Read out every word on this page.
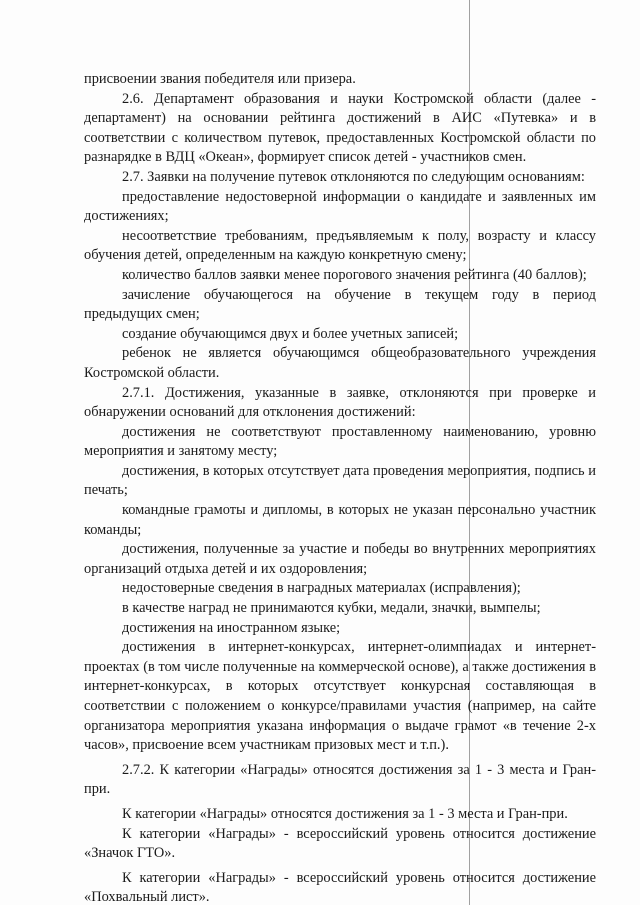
присвоении звания победителя или призера.

2.6. Департамент образования и науки Костромской области (далее - департамент) на основании рейтинга достижений в АИС «Путевка» и в соответствии с количеством путевок, предоставленных Костромской области по разнарядке в ВДЦ «Океан», формирует список детей - участников смен.

2.7. Заявки на получение путевок отклоняются по следующим основаниям:

предоставление недостоверной информации о кандидате и заявленных им достижениях;

несоответствие требованиям, предъявляемым к полу, возрасту и классу обучения детей, определенным на каждую конкретную смену;

количество баллов заявки менее порогового значения рейтинга (40 баллов);

зачисление обучающегося на обучение в текущем году в период предыдущих смен;

создание обучающимся двух и более учетных записей;

ребенок не является обучающимся общеобразовательного учреждения Костромской области.

2.7.1. Достижения, указанные в заявке, отклоняются при проверке и обнаружении оснований для отклонения достижений:

достижения не соответствуют проставленному наименованию, уровню мероприятия и занятому месту;

достижения, в которых отсутствует дата проведения мероприятия, подпись и печать;

командные грамоты и дипломы, в которых не указан персонально участник команды;

достижения, полученные за участие и победы во внутренних мероприятиях организаций отдыха детей и их оздоровления;

недостоверные сведения в наградных материалах (исправления);

в качестве наград не принимаются кубки, медали, значки, вымпелы;

достижения на иностранном языке;

достижения в интернет-конкурсах, интернет-олимпиадах и интернет-проектах (в том числе полученные на коммерческой основе), а также достижения в интернет-конкурсах, в которых отсутствует конкурсная составляющая в соответствии с положением о конкурсе/правилами участия (например, на сайте организатора мероприятия указана информация о выдаче грамот «в течение 2-х часов», присвоение всем участникам призовых мест и т.п.).

2.7.2. К категории «Награды» относятся достижения за 1 - 3 места и Гран-при.

К категории «Награды» относятся достижения за 1 - 3 места и Гран-при.

К категории «Награды» - всероссийский уровень относится достижение «Значок ГТО».

К категории «Награды» - всероссийский уровень относится достижение «Похвальный лист».
